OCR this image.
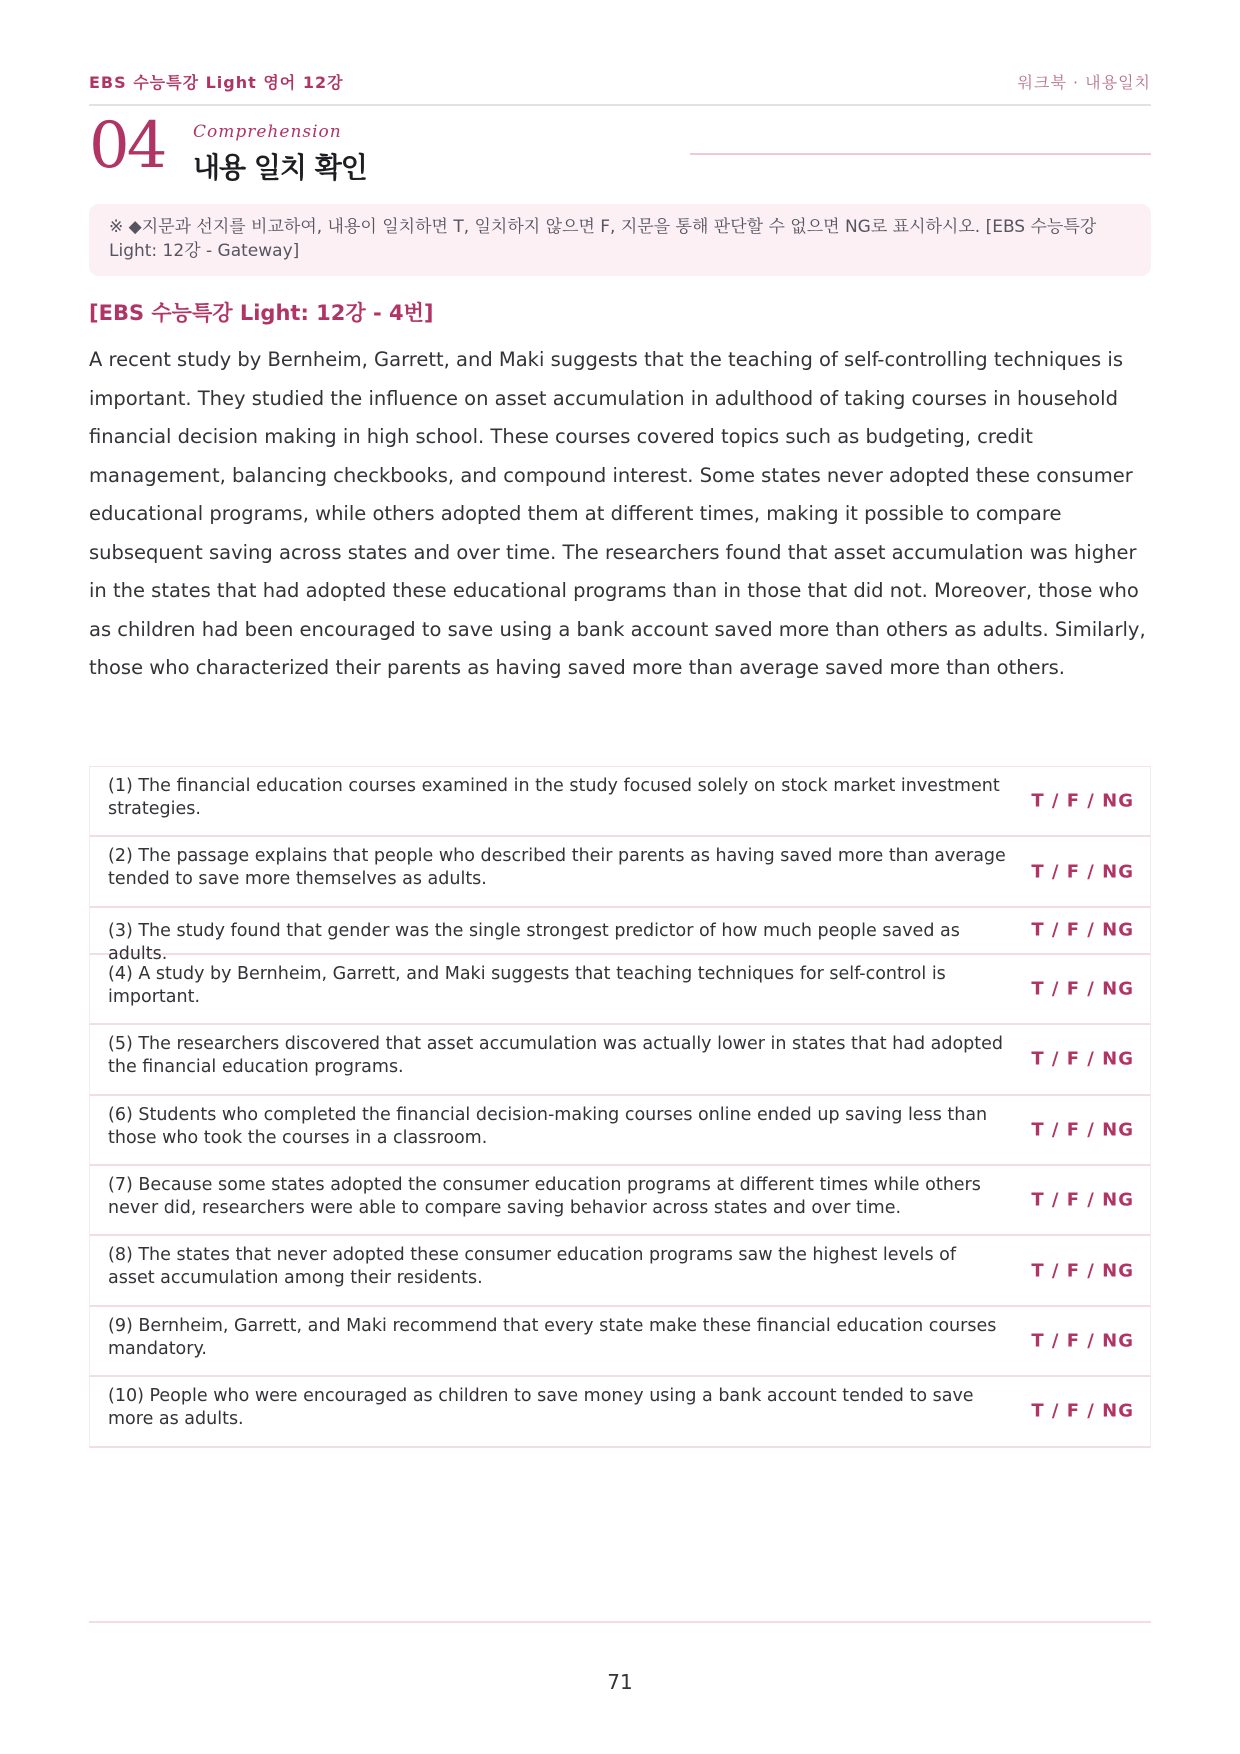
EBS 수능특강 Light 영어 12강	워크북 · 내용일치
04 Comprehension
내용 일치 확인
※ ◆지문과 선지를 비교하여, 내용이 일치하면 T, 일치하지 않으면 F, 지문을 통해 판단할 수 없으면 NG로 표시하시오. [EBS 수능특강 Light: 12강 - Gateway]
[EBS 수능특강 Light: 12강 - 4번]
A recent study by Bernheim, Garrett, and Maki suggests that the teaching of self-controlling techniques is important. They studied the influence on asset accumulation in adulthood of taking courses in household financial decision making in high school. These courses covered topics such as budgeting, credit management, balancing checkbooks, and compound interest. Some states never adopted these consumer educational programs, while others adopted them at different times, making it possible to compare subsequent saving across states and over time. The researchers found that asset accumulation was higher in the states that had adopted these educational programs than in those that did not. Moreover, those who as children had been encouraged to save using a bank account saved more than others as adults. Similarly, those who characterized their parents as having saved more than average saved more than others.
(1) The financial education courses examined in the study focused solely on stock market investment strategies.	T / F / NG
(2) The passage explains that people who described their parents as having saved more than average tended to save more themselves as adults.	T / F / NG
(3) The study found that gender was the single strongest predictor of how much people saved as adults.
T / F / NG
(4) A study by Bernheim, Garrett, and Maki suggests that teaching techniques for self-control is important.	T / F / NG
(5) The researchers discovered that asset accumulation was actually lower in states that had adopted the financial education programs.	T / F / NG
(6) Students who completed the financial decision-making courses online ended up saving less than those who took the courses in a classroom.	T / F / NG
(7) Because some states adopted the consumer education programs at different times while others never did, researchers were able to compare saving behavior across states and over time.	T / F / NG
(8) The states that never adopted these consumer education programs saw the highest levels of asset accumulation among their residents.	T / F / NG
(9) Bernheim, Garrett, and Maki recommend that every state make these financial education courses mandatory.	T / F / NG
(10) People who were encouraged as children to save money using a bank account tended to save more as adults.	T / F / NG
71
